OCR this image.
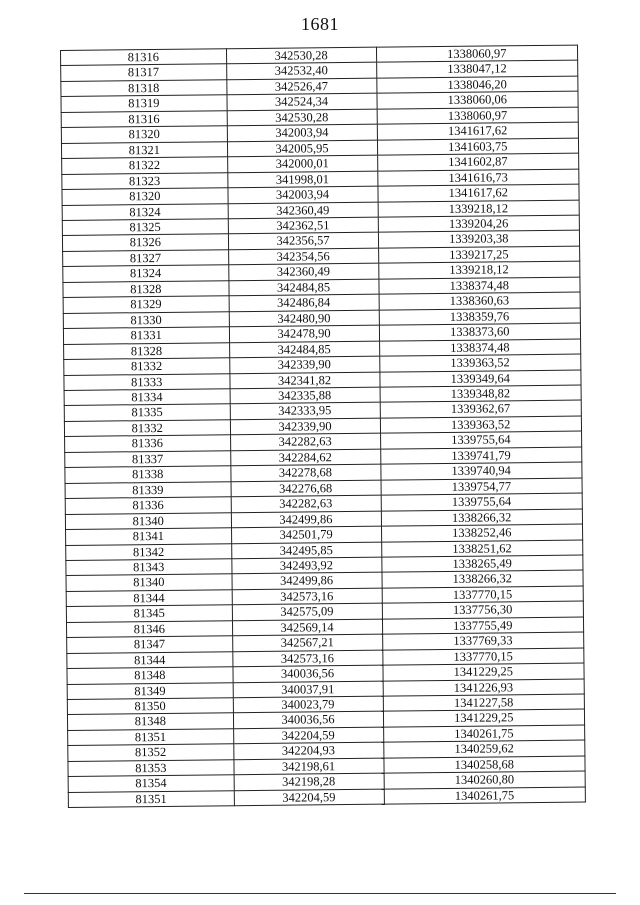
1681
81316	342530,28	1338060,97
81317	342532,40	1338047,12
81318	342526,47	1338046,20
81319	342524,34	1338060,06
81316	342530,28	1338060,97
81320	342003,94	1341617,62
81321	342005,95	1341603,75
81322	342000,01	1341602,87
81323	341998,01	1341616,73
81320	342003,94	1341617,62
81324	342360,49	1339218,12
81325	342362,51	1339204,26
81326	342356,57	1339203,38
81327	342354,56	1339217,25
81324	342360,49	1339218,12
81328	342484,85	1338374,48
81329	342486,84	1338360,63
81330	342480,90	1338359,76
81331	342478,90	1338373,60
81328	342484,85	1338374,48
81332	342339,90	1339363,52
81333	342341,82	1339349,64
81334	342335,88	1339348,82
81335	342333,95	1339362,67
81332	342339,90	1339363,52
81336	342282,63	1339755,64
81337	342284,62	1339741,79
81338	342278,68	1339740,94
81339	342276,68	1339754,77
81336	342282,63	1339755,64
81340	342499,86	1338266,32
81341	342501,79	1338252,46
81342	342495,85	1338251,62
81343	342493,92	1338265,49
81340	342499,86	1338266,32
81344	342573,16	1337770,15
81345	342575,09	1337756,30
81346	342569,14	1337755,49
81347	342567,21	1337769,33
81344	342573,16	1337770,15
81348	340036,56	1341229,25
81349	340037,91	1341226,93
81350	340023,79	1341227,58
81348	340036,56	1341229,25
81351	342204,59	1340261,75
81352	342204,93	1340259,62
81353	342198,61	1340258,68
81354	342198,28	1340260,80
81351	342204,59	1340261,75
